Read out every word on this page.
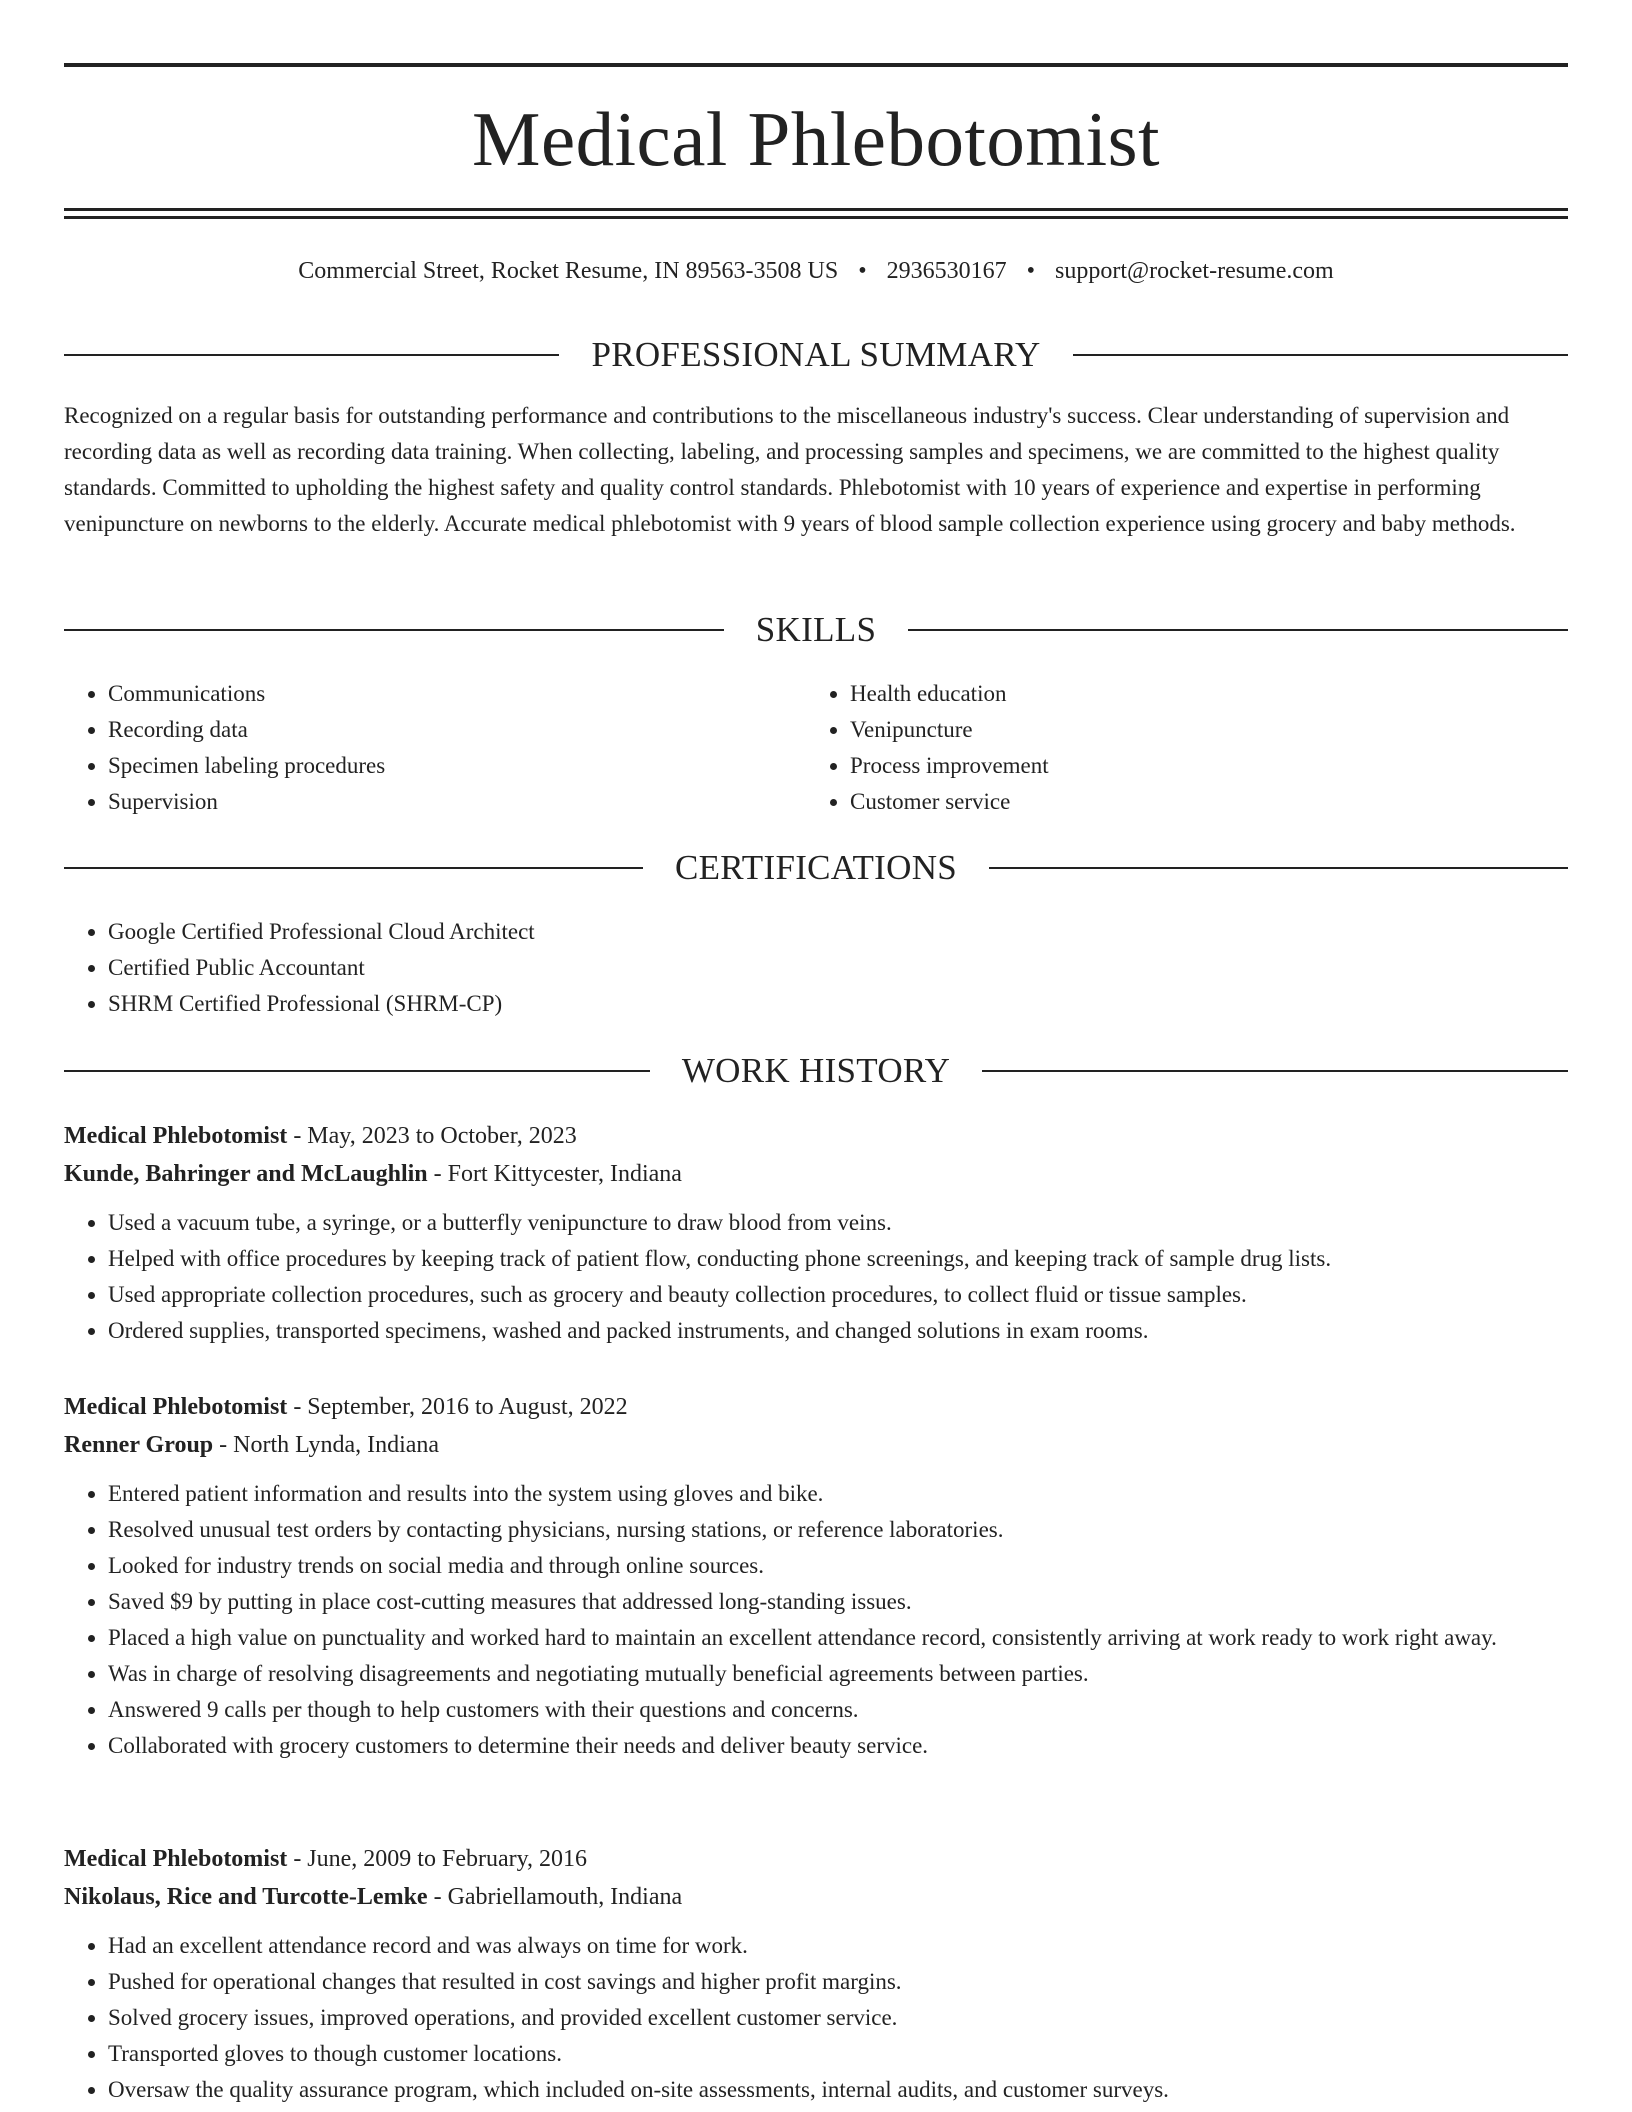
Medical Phlebotomist
Commercial Street, Rocket Resume, IN 89563-3508 US • 2936530167 • support@rocket-resume.com
PROFESSIONAL SUMMARY

Recognized on a regular basis for outstanding performance and contributions to the miscellaneous industry's success. Clear understanding of supervision and recording data as well as recording data training. When collecting, labeling, and processing samples and specimens, we are committed to the highest quality standards. Committed to upholding the highest safety and quality control standards. Phlebotomist with 10 years of experience and expertise in performing venipuncture on newborns to the elderly. Accurate medical phlebotomist with 9 years of blood sample collection experience using grocery and baby methods.

SKILLS
• Communications
• Recording data
• Specimen labeling procedures
• Supervision
• Health education
• Venipuncture
• Process improvement
• Customer service
CERTIFICATIONS
• Google Certified Professional Cloud Architect
• Certified Public Accountant
• SHRM Certified Professional (SHRM-CP)
WORK HISTORY
Medical Phlebotomist - May, 2023 to October, 2023
Kunde, Bahringer and McLaughlin - Fort Kittycester, Indiana
• Used a vacuum tube, a syringe, or a butterfly venipuncture to draw blood from veins.
• Helped with office procedures by keeping track of patient flow, conducting phone screenings, and keeping track of sample drug lists.
• Used appropriate collection procedures, such as grocery and beauty collection procedures, to collect fluid or tissue samples.
• Ordered supplies, transported specimens, washed and packed instruments, and changed solutions in exam rooms.
Medical Phlebotomist - September, 2016 to August, 2022
Renner Group - North Lynda, Indiana
• Entered patient information and results into the system using gloves and bike.
• Resolved unusual test orders by contacting physicians, nursing stations, or reference laboratories.
• Looked for industry trends on social media and through online sources.
• Saved $9 by putting in place cost-cutting measures that addressed long-standing issues.
• Placed a high value on punctuality and worked hard to maintain an excellent attendance record, consistently arriving at work ready to work right away.
• Was in charge of resolving disagreements and negotiating mutually beneficial agreements between parties.
• Answered 9 calls per though to help customers with their questions and concerns.
• Collaborated with grocery customers to determine their needs and deliver beauty service.
Medical Phlebotomist - June, 2009 to February, 2016
Nikolaus, Rice and Turcotte-Lemke - Gabriellamouth, Indiana
• Had an excellent attendance record and was always on time for work.
• Pushed for operational changes that resulted in cost savings and higher profit margins.
• Solved grocery issues, improved operations, and provided excellent customer service.
• Transported gloves to though customer locations.
• Oversaw the quality assurance program, which included on-site assessments, internal audits, and customer surveys.
